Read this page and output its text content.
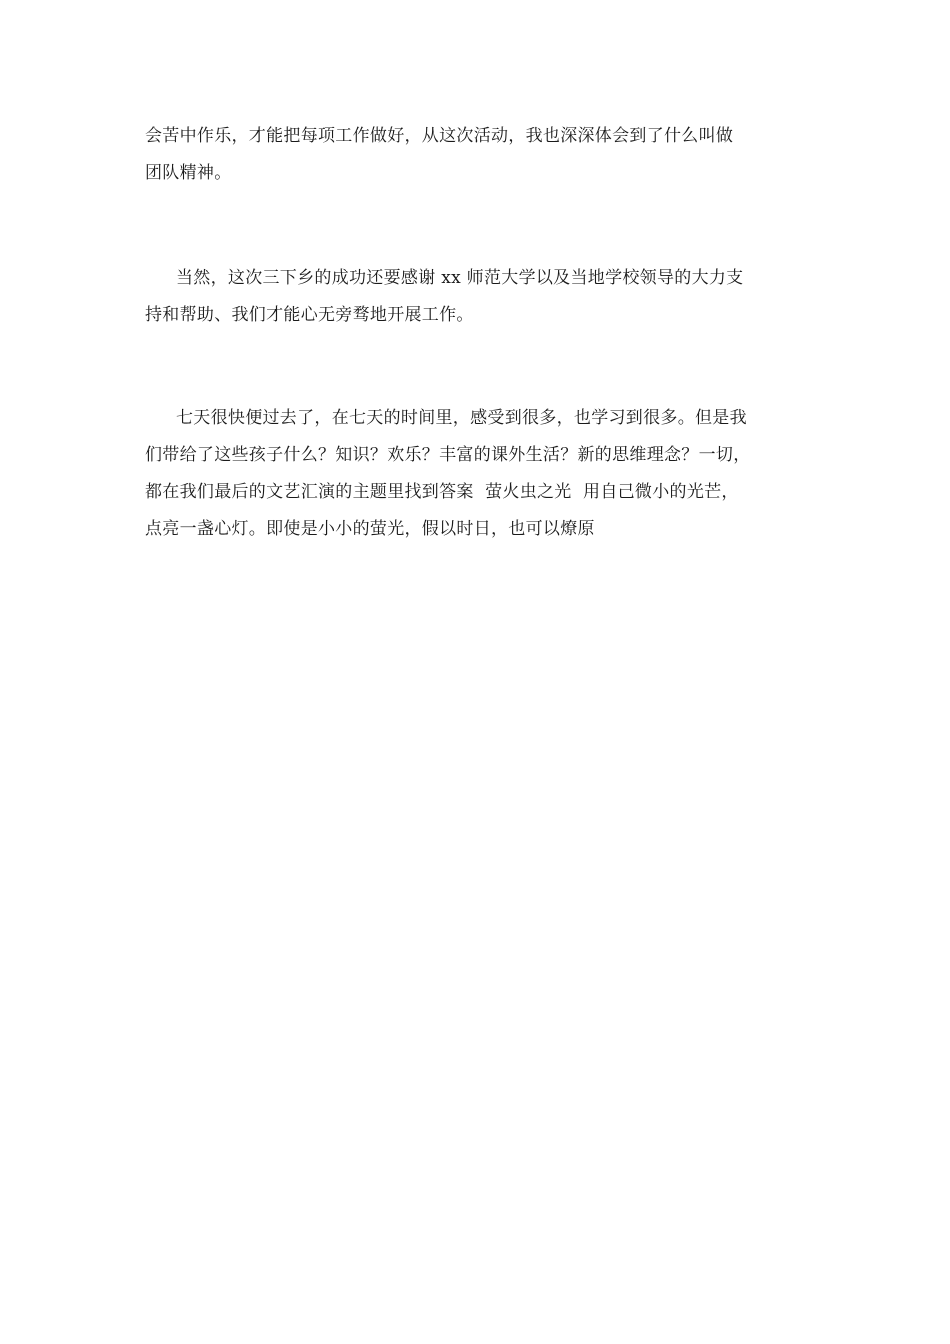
会苦中作乐，才能把每项工作做好，从这次活动，我也深深体会到了什么叫做
团队精神。
当然，这次三下乡的成功还要感谢 xx 师范大学以及当地学校领导的大力支
持和帮助、我们才能心无旁骛地开展工作。
七天很快便过去了，在七天的时间里，感受到很多，也学习到很多。但是我
们带给了这些孩子什么？知识？欢乐？丰富的课外生活？新的思维理念？一切，
都在我们最后的文艺汇演的主题里找到答案  萤火虫之光  用自己微小的光芒，
点亮一盏心灯。即使是小小的萤光，假以时日，也可以燎原
